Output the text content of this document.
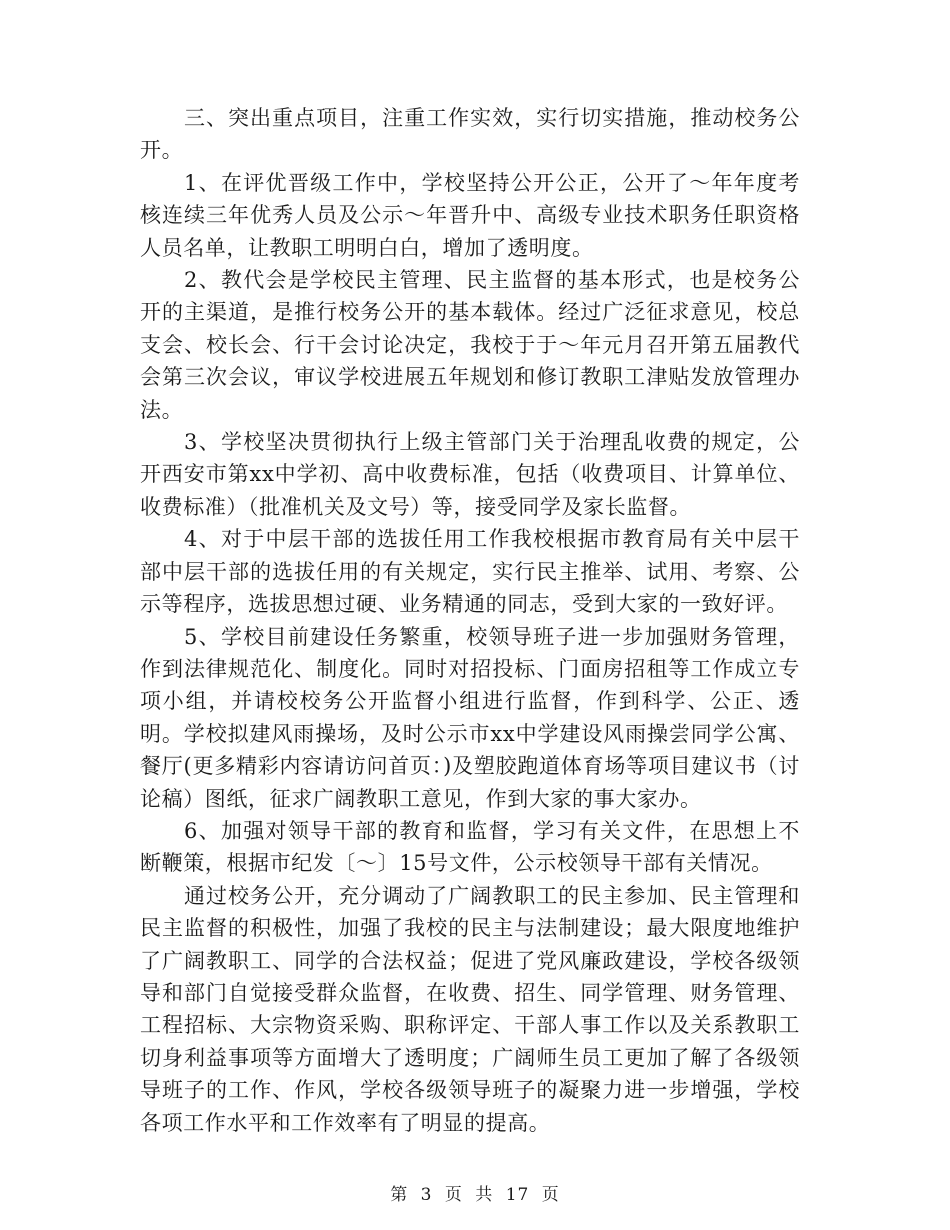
三、突出重点项目，注重工作实效，实行切实措施，推动校务公开。

1、在评优晋级工作中，学校坚持公开公正，公开了～年年度考核连续三年优秀人员及公示～年晋升中、高级专业技术职务任职资格人员名单，让教职工明明白白，增加了透明度。

2、教代会是学校民主管理、民主监督的基本形式，也是校务公开的主渠道，是推行校务公开的基本载体。经过广泛征求意见，校总支会、校长会、行干会讨论决定，我校于于～年元月召开第五届教代会第三次会议，审议学校进展五年规划和修订教职工津贴发放管理办法。

3、学校坚决贯彻执行上级主管部门关于治理乱收费的规定，公开西安市第xx中学初、高中收费标准，包括（收费项目、计算单位、收费标准）（批准机关及文号）等，接受同学及家长监督。

4、对于中层干部的选拔任用工作我校根据市教育局有关中层干部中层干部的选拔任用的有关规定，实行民主推举、试用、考察、公示等程序，选拔思想过硬、业务精通的同志，受到大家的一致好评。

5、学校目前建设任务繁重，校领导班子进一步加强财务管理，作到法律规范化、制度化。同时对招投标、门面房招租等工作成立专项小组，并请校校务公开监督小组进行监督，作到科学、公正、透明。学校拟建风雨操场，及时公示市xx中学建设风雨操尝同学公寓、餐厅(更多精彩内容请访问首页：)及塑胶跑道体育场等项目建议书（讨论稿）图纸，征求广阔教职工意见，作到大家的事大家办。

6、加强对领导干部的教育和监督，学习有关文件，在思想上不断鞭策，根据市纪发〔～〕15号文件，公示校领导干部有关情况。

通过校务公开，充分调动了广阔教职工的民主参加、民主管理和民主监督的积极性，加强了我校的民主与法制建设；最大限度地维护了广阔教职工、同学的合法权益；促进了党风廉政建设，学校各级领导和部门自觉接受群众监督，在收费、招生、同学管理、财务管理、工程招标、大宗物资采购、职称评定、干部人事工作以及关系教职工切身利益事项等方面增大了透明度；广阔师生员工更加了解了各级领导班子的工作、作风，学校各级领导班子的凝聚力进一步增强，学校各项工作水平和工作效率有了明显的提高。

第 3 页 共 17 页
